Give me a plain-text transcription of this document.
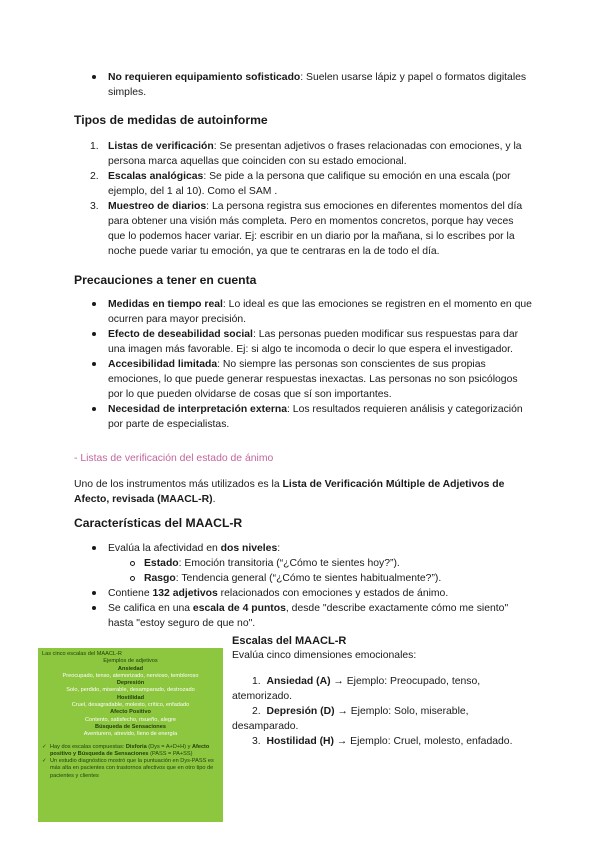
No requieren equipamiento sofisticado: Suelen usarse lápiz y papel o formatos digitales simples.
Tipos de medidas de autoinforme
1. Listas de verificación: Se presentan adjetivos o frases relacionadas con emociones, y la persona marca aquellas que coinciden con su estado emocional.
2. Escalas analógicas: Se pide a la persona que califique su emoción en una escala (por ejemplo, del 1 al 10). Como el SAM .
3. Muestreo de diarios: La persona registra sus emociones en diferentes momentos del día para obtener una visión más completa. Pero en momentos concretos, porque hay veces que lo podemos hacer variar. Ej: escribir en un diario por la mañana, si lo escribes por la noche puede variar tu emoción, ya que te centraras en la de todo el día.
Precauciones a tener en cuenta
Medidas en tiempo real: Lo ideal es que las emociones se registren en el momento en que ocurren para mayor precisión.
Efecto de deseabilidad social: Las personas pueden modificar sus respuestas para dar una imagen más favorable. Ej: si algo te incomoda o decir lo que espera el investigador.
Accesibilidad limitada: No siempre las personas son conscientes de sus propias emociones, lo que puede generar respuestas inexactas. Las personas no son psicólogos por lo que pueden olvidarse de cosas que sí son importantes.
Necesidad de interpretación externa: Los resultados requieren análisis y categorización por parte de especialistas.

- Listas de verificación del estado de ánimo

Uno de los instrumentos más utilizados es la Lista de Verificación Múltiple de Adjetivos de Afecto, revisada (MAACL-R).

Características del MAACL-R
Evalúa la afectividad en dos niveles:
Estado: Emoción transitoria (“¿Cómo te sientes hoy?”).
Rasgo: Tendencia general (“¿Cómo te sientes habitualmente?”).
Contiene 132 adjetivos relacionados con emociones y estados de ánimo.
Se califica en una escala de 4 puntos, desde "describe exactamente cómo me siento" hasta "estoy seguro de que no".
Las cinco escalas del MAACL-R
Ejemplos de adjetivos
Ansiedad
Preocupado, tenso, atemorizado, nervioso, tembloroso
Depresión
Solo, perdido, miserable, desamparado, destrozado
Hostilidad
Cruel, desagradable, molesto, crítico, enfadado
Afecto Positivo
Contento, satisfecho, risueño, alegre
Búsqueda de Sensaciones
Aventurero, atrevido, lleno de energía
✓ Hay dos escalas compuestas: Disforia (Dys = A+D+H) y Afecto positivo y Búsqueda de Sensaciones (PASS = PA+SS)
✓ Un estudio diagnóstico mostró que la puntuación en Dys-PASS es más alta en pacientes con trastornos afectivos que en otro tipo de pacientes y clientes
Escalas del MAACL-R

Evalúa cinco dimensiones emocionales:

1. Ansiedad (A) → Ejemplo: Preocupado, tenso, atemorizado.

2. Depresión (D) → Ejemplo: Solo, miserable, desamparado.

3. Hostilidad (H) → Ejemplo: Cruel, molesto, enfadado.
